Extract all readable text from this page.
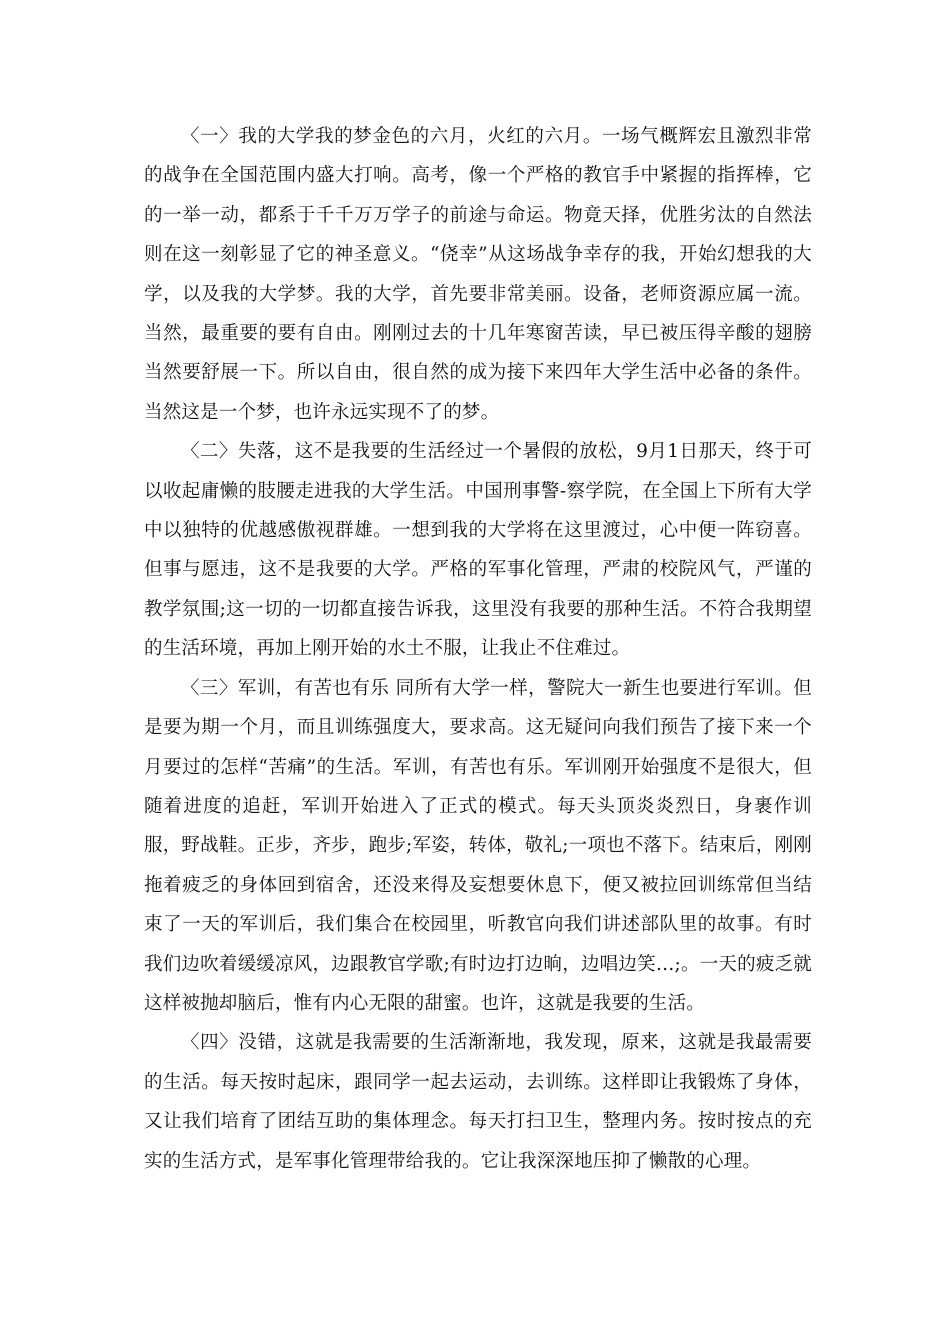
〈一〉我的大学我的梦金色的六月，火红的六月。一场气概辉宏且激烈非常的战争在全国范围内盛大打响。高考，像一个严格的教官手中紧握的指挥棒，它的一举一动，都系于千千万万学子的前途与命运。物竟天择，优胜劣汰的自然法则在这一刻彰显了它的神圣意义。“侥幸”从这场战争幸存的我，开始幻想我的大学，以及我的大学梦。我的大学，首先要非常美丽。设备，老师资源应属一流。当然，最重要的要有自由。刚刚过去的十几年寒窗苦读，早已被压得辛酸的翅膀当然要舒展一下。所以自由，很自然的成为接下来四年大学生活中必备的条件。当然这是一个梦，也许永远实现不了的梦。

〈二〉失落，这不是我要的生活经过一个暑假的放松，9月1日那天，终于可以收起庸懒的肢腰走进我的大学生活。中国刑事警-察学院，在全国上下所有大学中以独特的优越感傲视群雄。一想到我的大学将在这里渡过，心中便一阵窃喜。但事与愿违，这不是我要的大学。严格的军事化管理，严肃的校院风气，严谨的教学氛围;这一切的一切都直接告诉我，这里没有我要的那种生活。不符合我期望的生活环境，再加上刚开始的水土不服，让我止不住难过。

〈三〉军训，有苦也有乐 同所有大学一样，警院大一新生也要进行军训。但是要为期一个月，而且训练强度大，要求高。这无疑问向我们预告了接下来一个月要过的怎样“苦痛”的生活。军训，有苦也有乐。军训刚开始强度不是很大，但随着进度的追赶，军训开始进入了正式的模式。每天头顶炎炎烈日，身裹作训服，野战鞋。正步，齐步，跑步;军姿，转体，敬礼;一项也不落下。结束后，刚刚拖着疲乏的身体回到宿舍，还没来得及妄想要休息下，便又被拉回训练常但当结束了一天的军训后，我们集合在校园里，听教官向我们讲述部队里的故事。有时我们边吹着缓缓凉风，边跟教官学歌;有时边打边晌，边唱边笑…;。一天的疲乏就这样被抛却脑后，惟有内心无限的甜蜜。也许，这就是我要的生活。

〈四〉没错，这就是我需要的生活渐渐地，我发现，原来，这就是我最需要的生活。每天按时起床，跟同学一起去运动，去训练。这样即让我锻炼了身体，又让我们培育了团结互助的集体理念。每天打扫卫生，整理内务。按时按点的充实的生活方式，是军事化管理带给我的。它让我深深地压抑了懒散的心理。
